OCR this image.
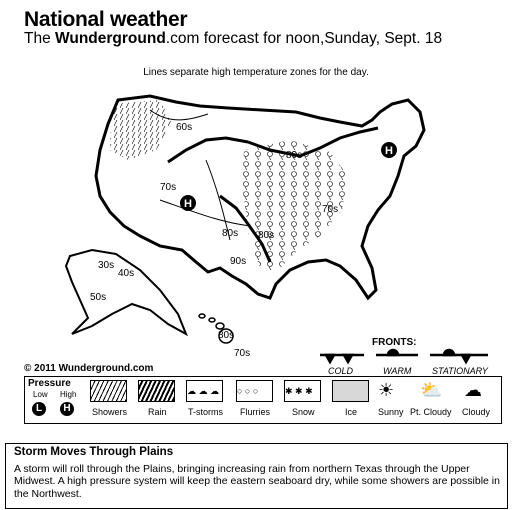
National weather
The Wunderground.com forecast for noon,Sunday, Sept. 18
Lines separate high temperature zones for the day.
H
H
60s
80s
70s
70s
80s 80s
90s
30s
40s
50s
80s
70s
© 2011 Wunderground.com
FRONTS:
COLD	WARM STATIONARY
Pressure
L	H
Low High	☁ ☁ ☁	○ ○ ○	✱ ✱ ✱	☀ ⛅ ☁
Showers Rain T-storms Flurries Snow	Ice Sunny Pt. Cloudy Cloudy
Storm Moves Through Plains
A storm will roll through the Plains, bringing increasing rain from northern Texas through the Upper Midwest. A high pressure system will keep the eastern seaboard dry, while some showers are possible in the Northwest.
